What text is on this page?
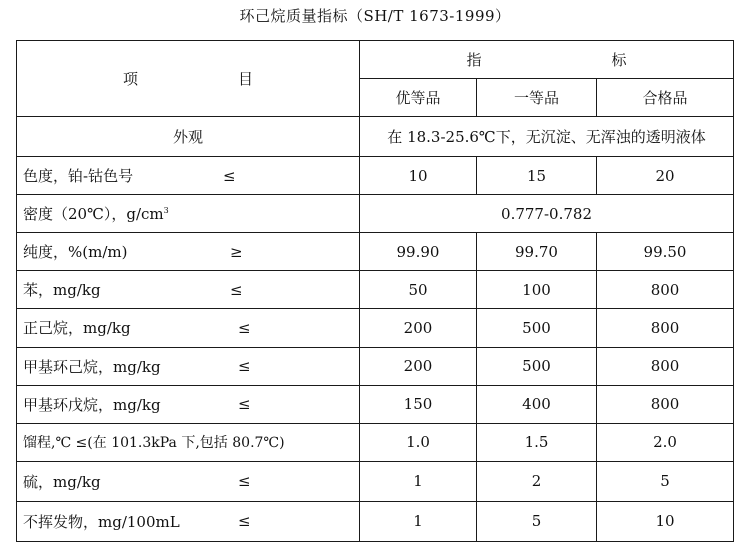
环己烷质量指标（SH/T 1673-1999）
项 目	指 标		
	优等品	一等品	合格品
外观	在 18.3-25.6℃下，无沉淀、无浑浊的透明液体		

色度，铂-钴色号 ≤	10	15	20
密度（20℃），$g/cm^3$	0.777-0.782		

纯度，%(m/m) ≥	99.90	99.70	99.50

苯，mg/kg ≤	50	100	800

正己烷，mg/kg ≤	200	500	800

甲基环己烷，mg/kg ≤	200	500	800

甲基环戊烷，mg/kg ≤	150	400	800
馏程,℃ ≤(在 101.3kPa 下,包括 80.7℃)	1.0	1.5	2.0

硫，mg/kg ≤	1	2	5

不挥发物，mg/100mL ≤	1	5	10
